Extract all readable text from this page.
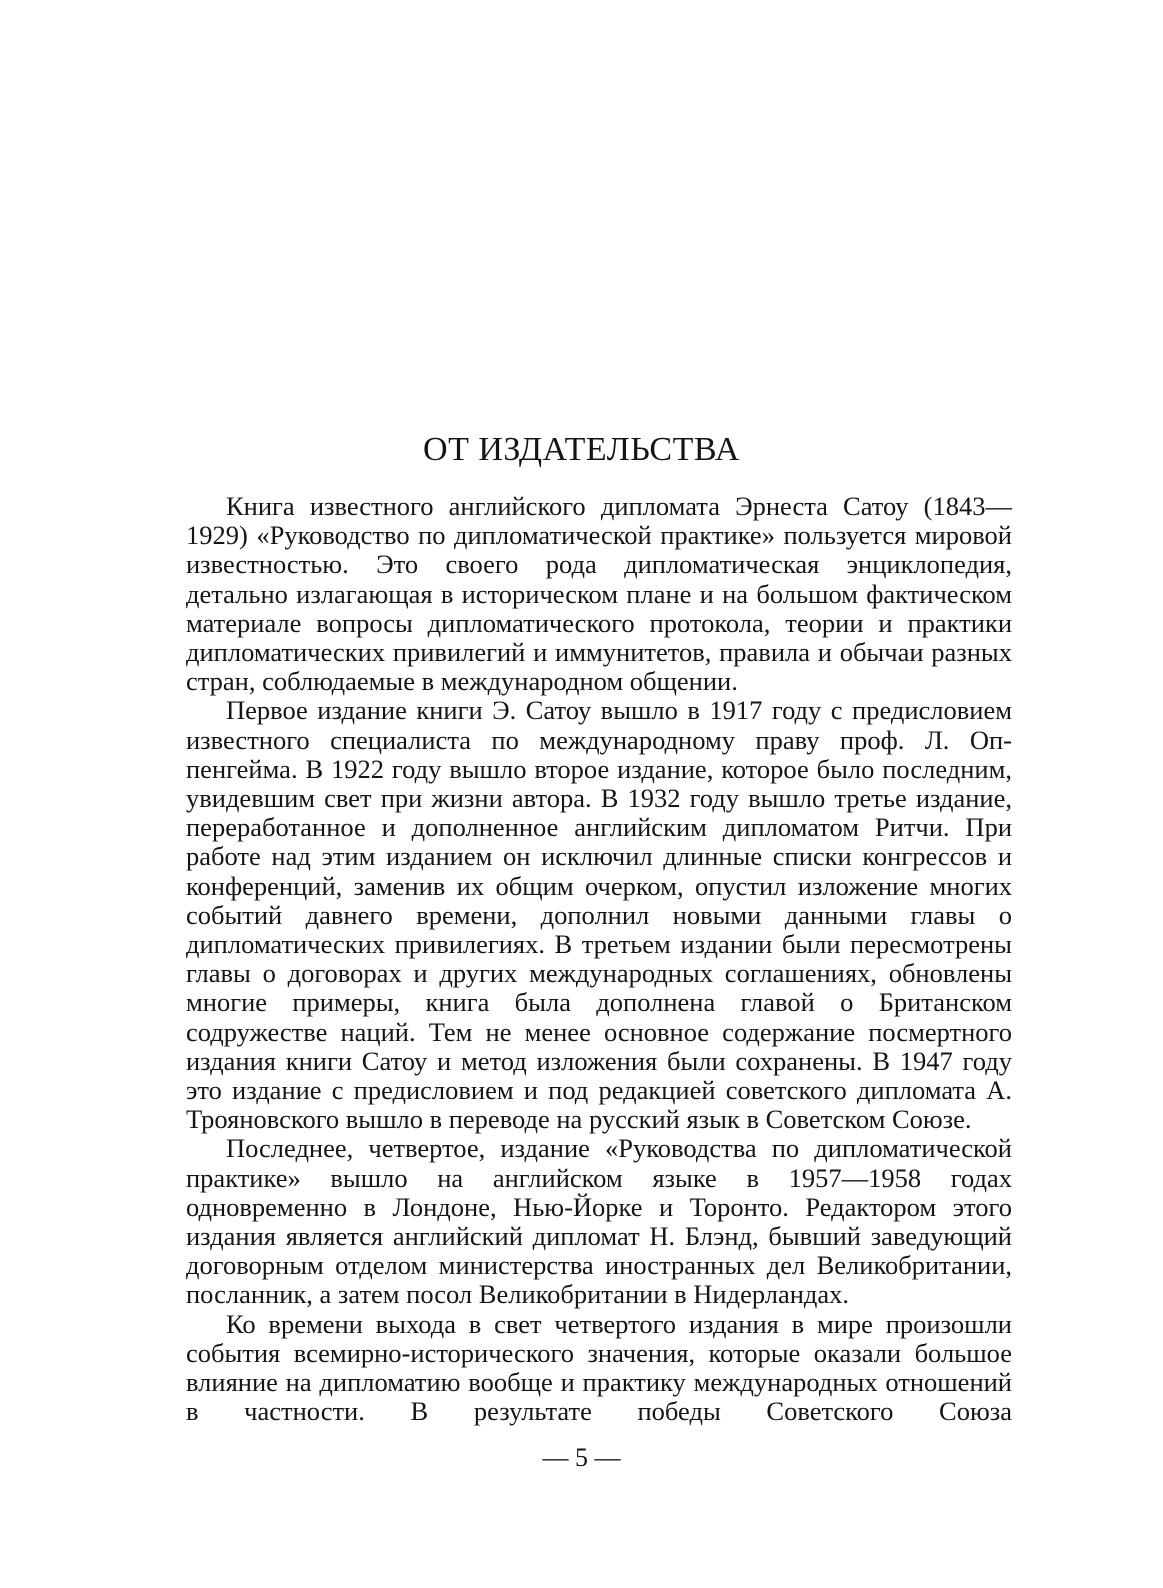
ОТ ИЗДАТЕЛЬСТВА

Книга известного английского дипломата Эрнеста Сатоу (1843—1929) «Руководство по дипломатической практике» пользуется мировой известностью. Это своего рода дипломатическая энциклопедия, детально излагающая в историческом плане и на большом фактическом материале вопросы дипломатического протокола, теории и практики дипломатических привилегий и иммунитетов, правила и обычаи разных стран, соблюдаемые в международном общении.

Первое издание книги Э. Сатоу вышло в 1917 году с предисловием известного специалиста по международному праву проф. Л. Оппенгейма. В 1922 году вышло второе издание, которое было последним, увидевшим свет при жизни автора. В 1932 году вышло третье издание, переработанное и дополненное английским дипломатом Ритчи. При работе над этим изданием он исключил длинные списки конгрессов и конференций, заменив их общим очерком, опустил изложение многих событий давнего времени, дополнил новыми данными главы о дипломатических привилегиях. В третьем издании были пересмотрены главы о договорах и других международных соглашениях, обновлены многие примеры, книга была дополнена главой о Британском содружестве наций. Тем не менее основное содержание посмертного издания книги Сатоу и метод изложения были сохранены. В 1947 году это издание с предисловием и под редакцией советского дипломата А. Трояновского вышло в переводе на русский язык в Советском Союзе.

Последнее, четвертое, издание «Руководства по дипломатической практике» вышло на английском языке в 1957—1958 годах одновременно в Лондоне, Нью-Йорке и Торонто. Редактором этого издания является английский дипломат Н. Блэнд, бывший заведующий договорным отделом министерства иностранных дел Великобритании, посланник, а затем посол Великобритании в Нидерландах.

Ко времени выхода в свет четвертого издания в мире произошли события всемирно-исторического значения, которые оказали большое влияние на дипломатию вообще и практику международных отношений в частности. В результате победы Советского Союза

— 5 —
